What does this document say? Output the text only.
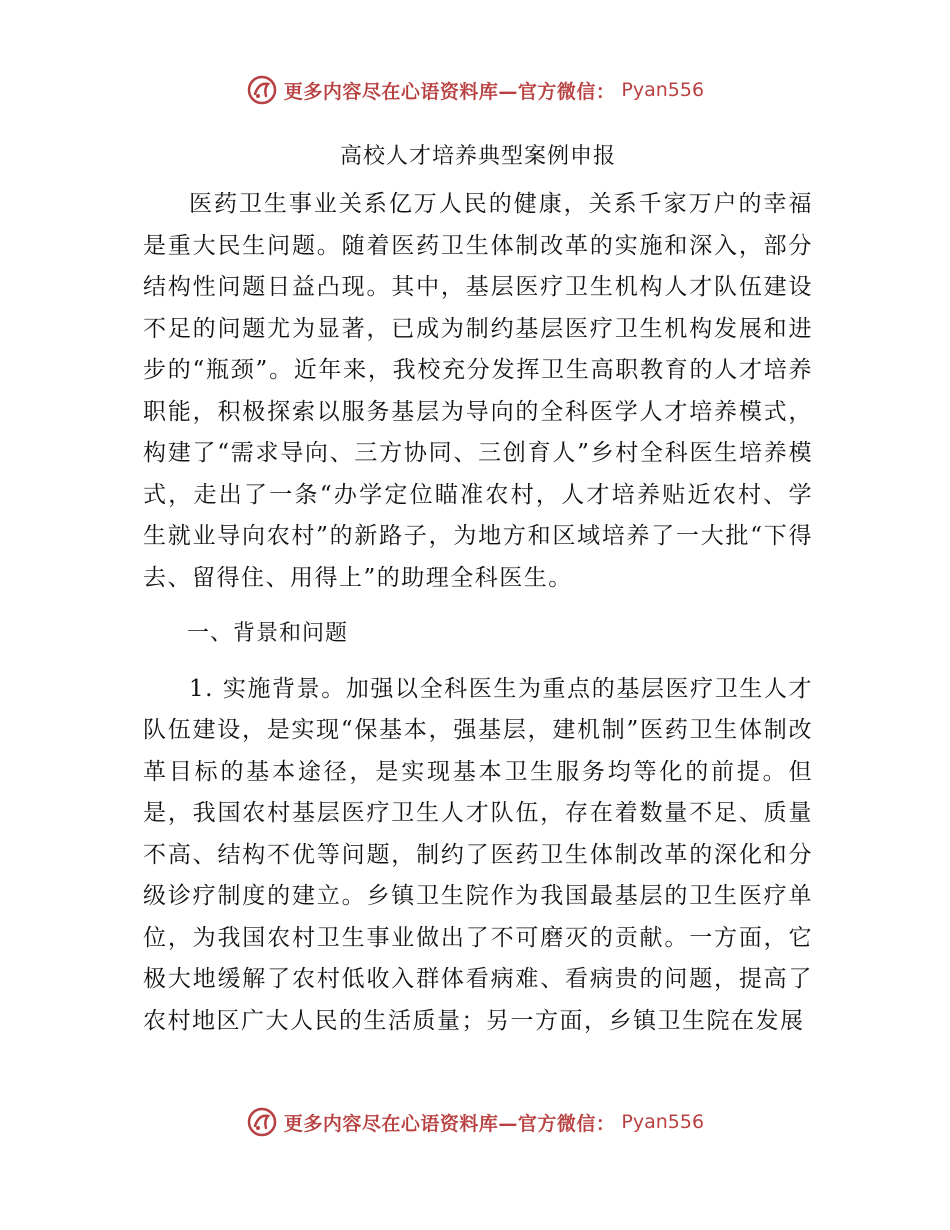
更多内容尽在心语资料库—官方微信： Pyan556
高校人才培养典型案例申报

医药卫生事业关系亿万人民的健康，关系千家万户的幸福是重大民生问题。随着医药卫生体制改革的实施和深入，部分结构性问题日益凸现。其中，基层医疗卫生机构人才队伍建设不足的问题尤为显著，已成为制约基层医疗卫生机构发展和进步的“瓶颈”。近年来，我校充分发挥卫生高职教育的人才培养职能，积极探索以服务基层为导向的全科医学人才培养模式，构建了“需求导向、三方协同、三创育人”乡村全科医生培养模式，走出了一条“办学定位瞄准农村，人才培养贴近农村、学生就业导向农村”的新路子，为地方和区域培养了一大批“下得去、留得住、用得上”的助理全科医生。

一、背景和问题

1. 实施背景。加强以全科医生为重点的基层医疗卫生人才队伍建设，是实现“保基本，强基层，建机制”医药卫生体制改革目标的基本途径，是实现基本卫生服务均等化的前提。但是，我国农村基层医疗卫生人才队伍，存在着数量不足、质量不高、结构不优等问题，制约了医药卫生体制改革的深化和分级诊疗制度的建立。乡镇卫生院作为我国最基层的卫生医疗单位，为我国农村卫生事业做出了不可磨灭的贡献。一方面，它极大地缓解了农村低收入群体看病难、看病贵的问题，提高了农村地区广大人民的生活质量；另一方面，乡镇卫生院在发展

更多内容尽在心语资料库—官方微信： Pyan556
